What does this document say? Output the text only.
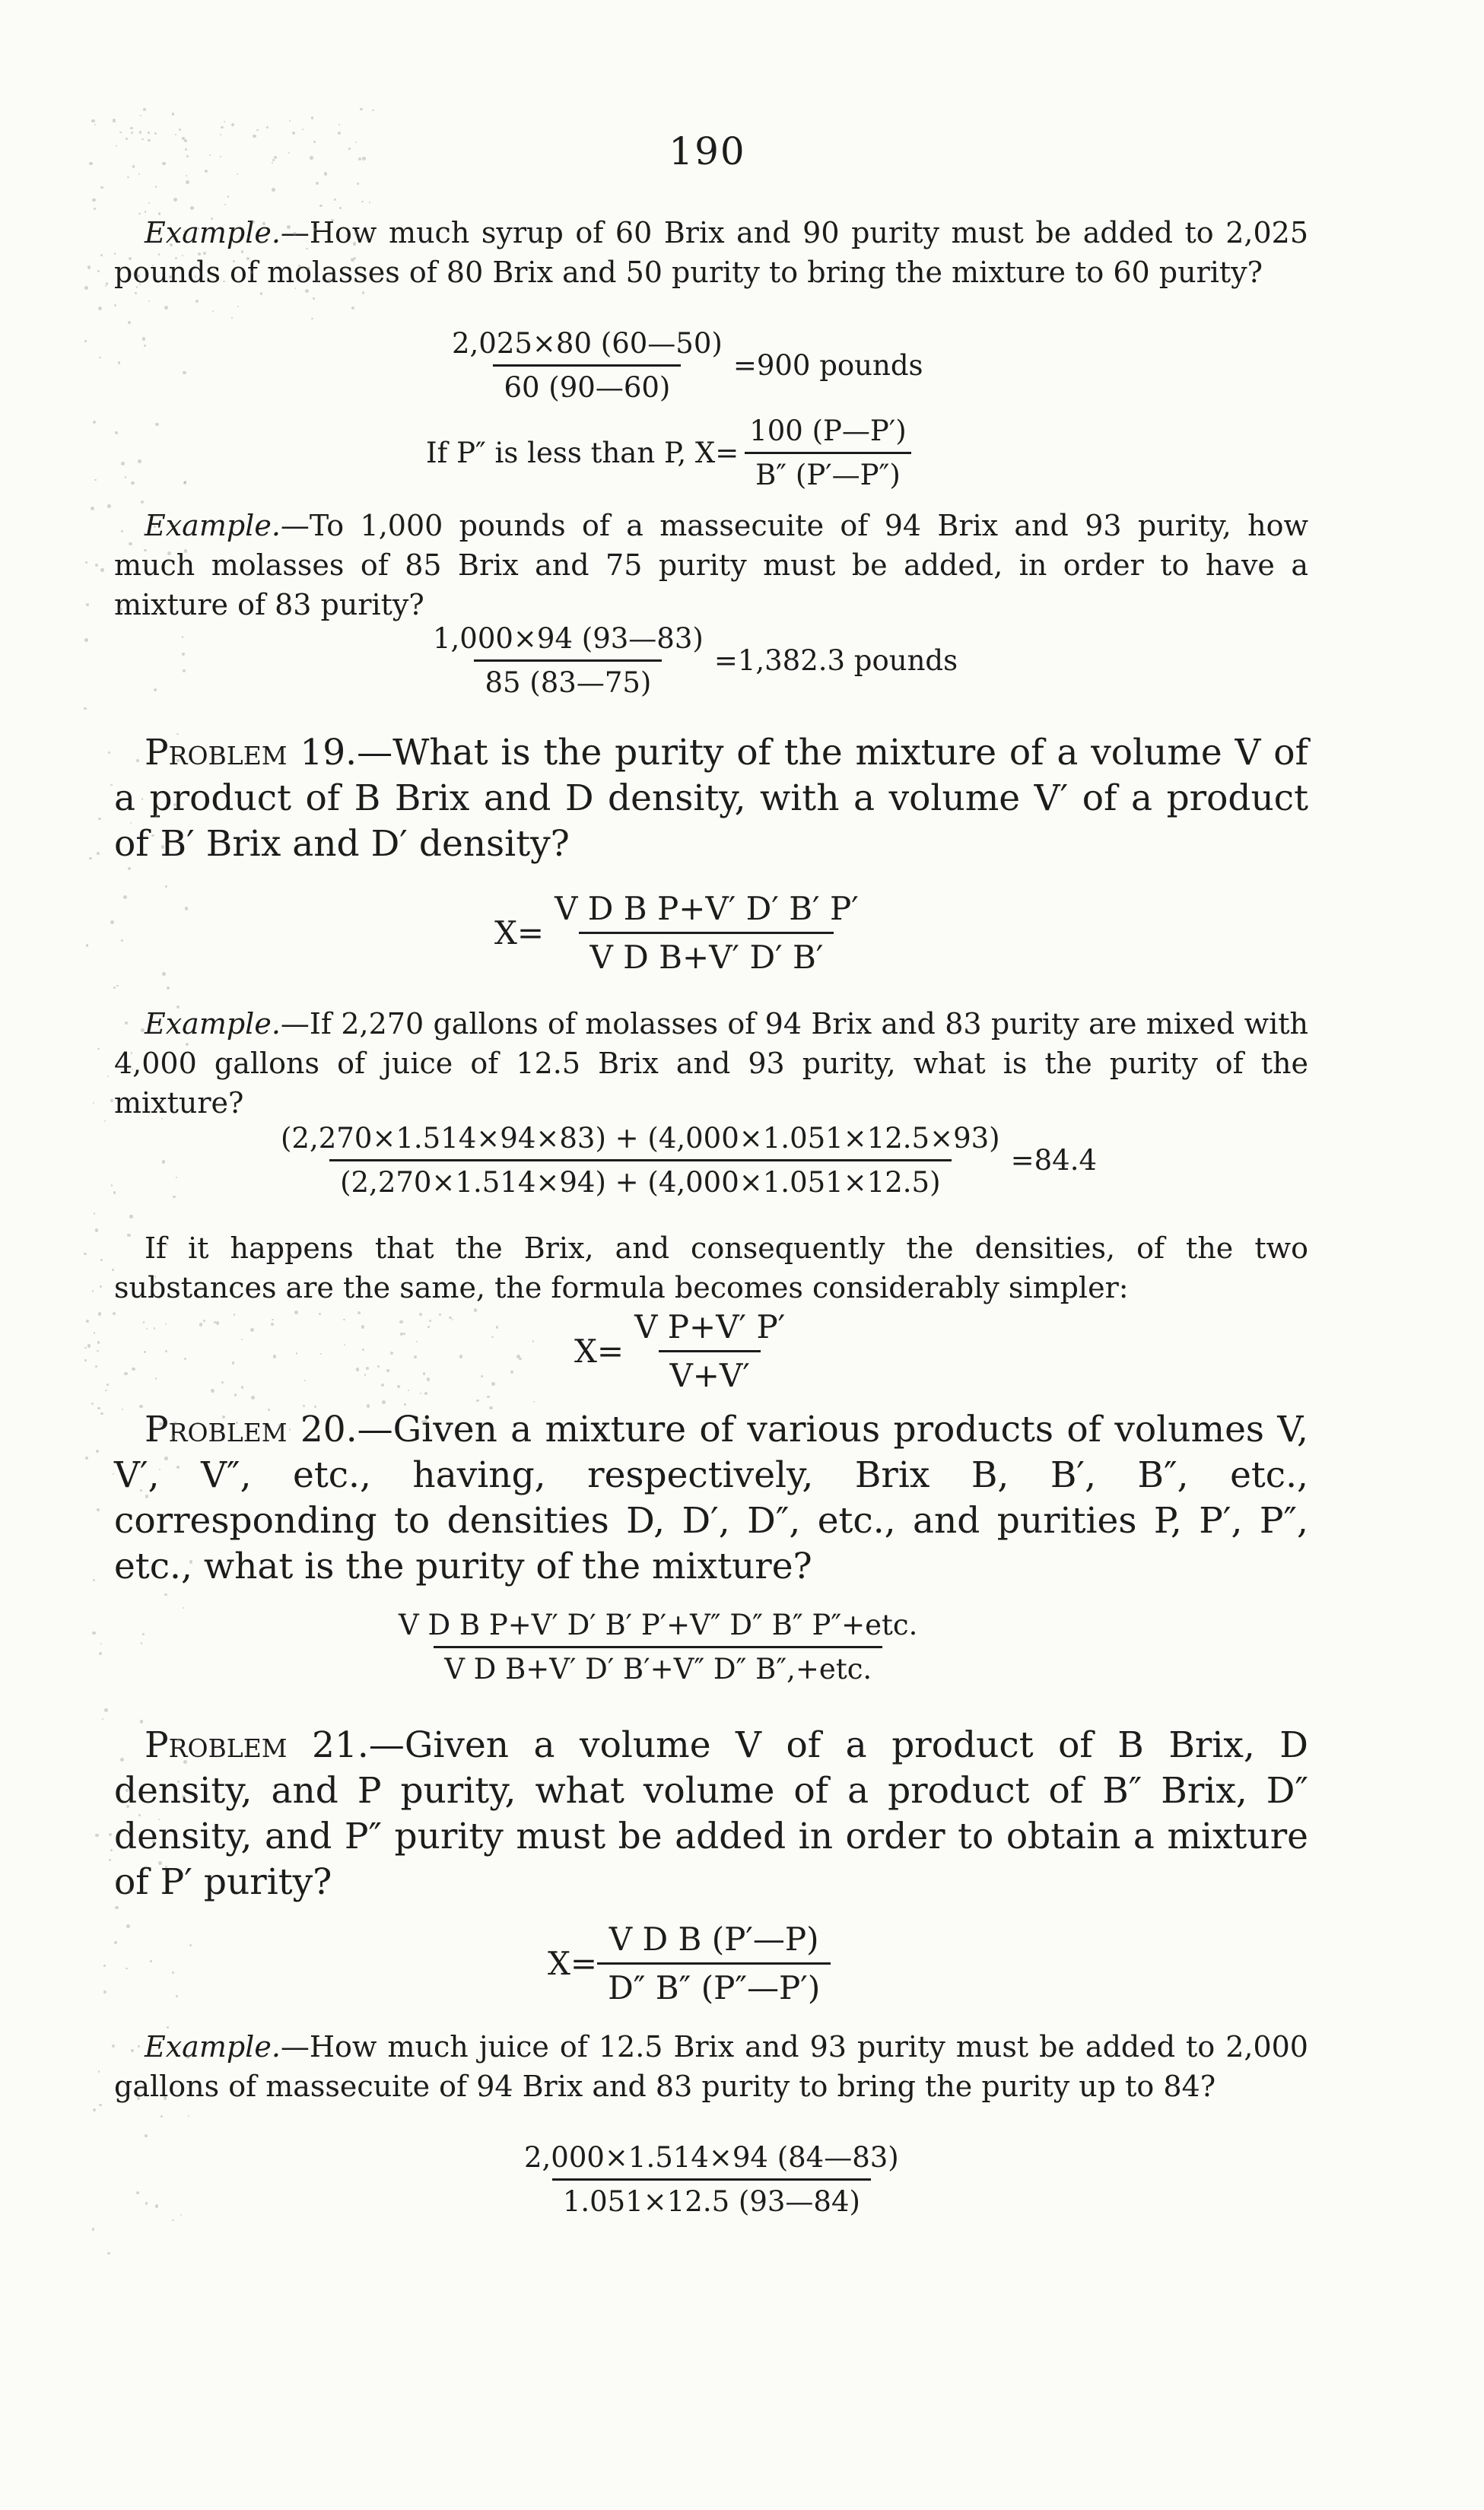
190
Example.—How much syrup of 60 Brix and 90 purity must be added to 2,025 pounds of molasses of 80 Brix and 50 purity to bring the mixture to 60 purity?
$\frac{2,025\times 80 (60—50)}{60 (90—60)} =900$ pounds
If P″ is less than P, $X= \frac{100 (P—P')}{B'' (P'—P'')}$
Example.—To 1,000 pounds of a massecuite of 94 Brix and 93 purity, how much molasses of 85 Brix and 75 purity must be added, in order to have a mixture of 83 purity?
$\frac{1,000\times 94 (93—83)}{85 (83—75)} =1,382.3$ pounds
Problem 19.—What is the purity of the mixture of a volume V of a product of B Brix and D density, with a volume V′ of a product of B′ Brix and D′ density?
$X= \frac{\text{V D B P+V′ D′ B′ P′}}{\text{V D B+V′ D′ B′}}$
Example.—If 2,270 gallons of molasses of 94 Brix and 83 purity are mixed with 4,000 gallons of juice of 12.5 Brix and 93 purity, what is the purity of the mixture?
$\frac{(2,270\times 1.514\times 94\times 83) + (4,000\times 1.051\times 12.5\times 93)}{(2,270\times 1.514\times 94) + (4,000\times 1.051\times 12.5)} =84.4$
If it happens that the Brix, and consequently the densities, of the two substances are the same, the formula becomes considerably simpler:
$X= \frac{\text{V P+V′ P′}}{V+V'}$
Problem 20.—Given a mixture of various products of volumes V, V′, V″, etc., having, respectively, Brix B, B′, B″, etc., corresponding to densities D, D′, D″, etc., and purities P, P′, P″, etc., what is the purity of the mixture?
$\frac{\text{V D B P+V′ D′ B′ P′+V″ D″ B″ P″+etc.}}{\text{V D B+V′ D′ B′+V″ D″ B″,+etc.}}$
Problem 21.—Given a volume V of a product of B Brix, D density, and P purity, what volume of a product of B″ Brix, D″ density, and P″ purity must be added in order to obtain a mixture of P′ purity?
$X= \frac{\text{V D B (P′—P)}}{D'' B'' (P''—P')}$
Example.—How much juice of 12.5 Brix and 93 purity must be added to 2,000 gallons of massecuite of 94 Brix and 83 purity to bring the purity up to 84?
$\frac{2,000\times 1.514\times 94 (84—83)}{1.051\times 12.5 (93—84)}$
